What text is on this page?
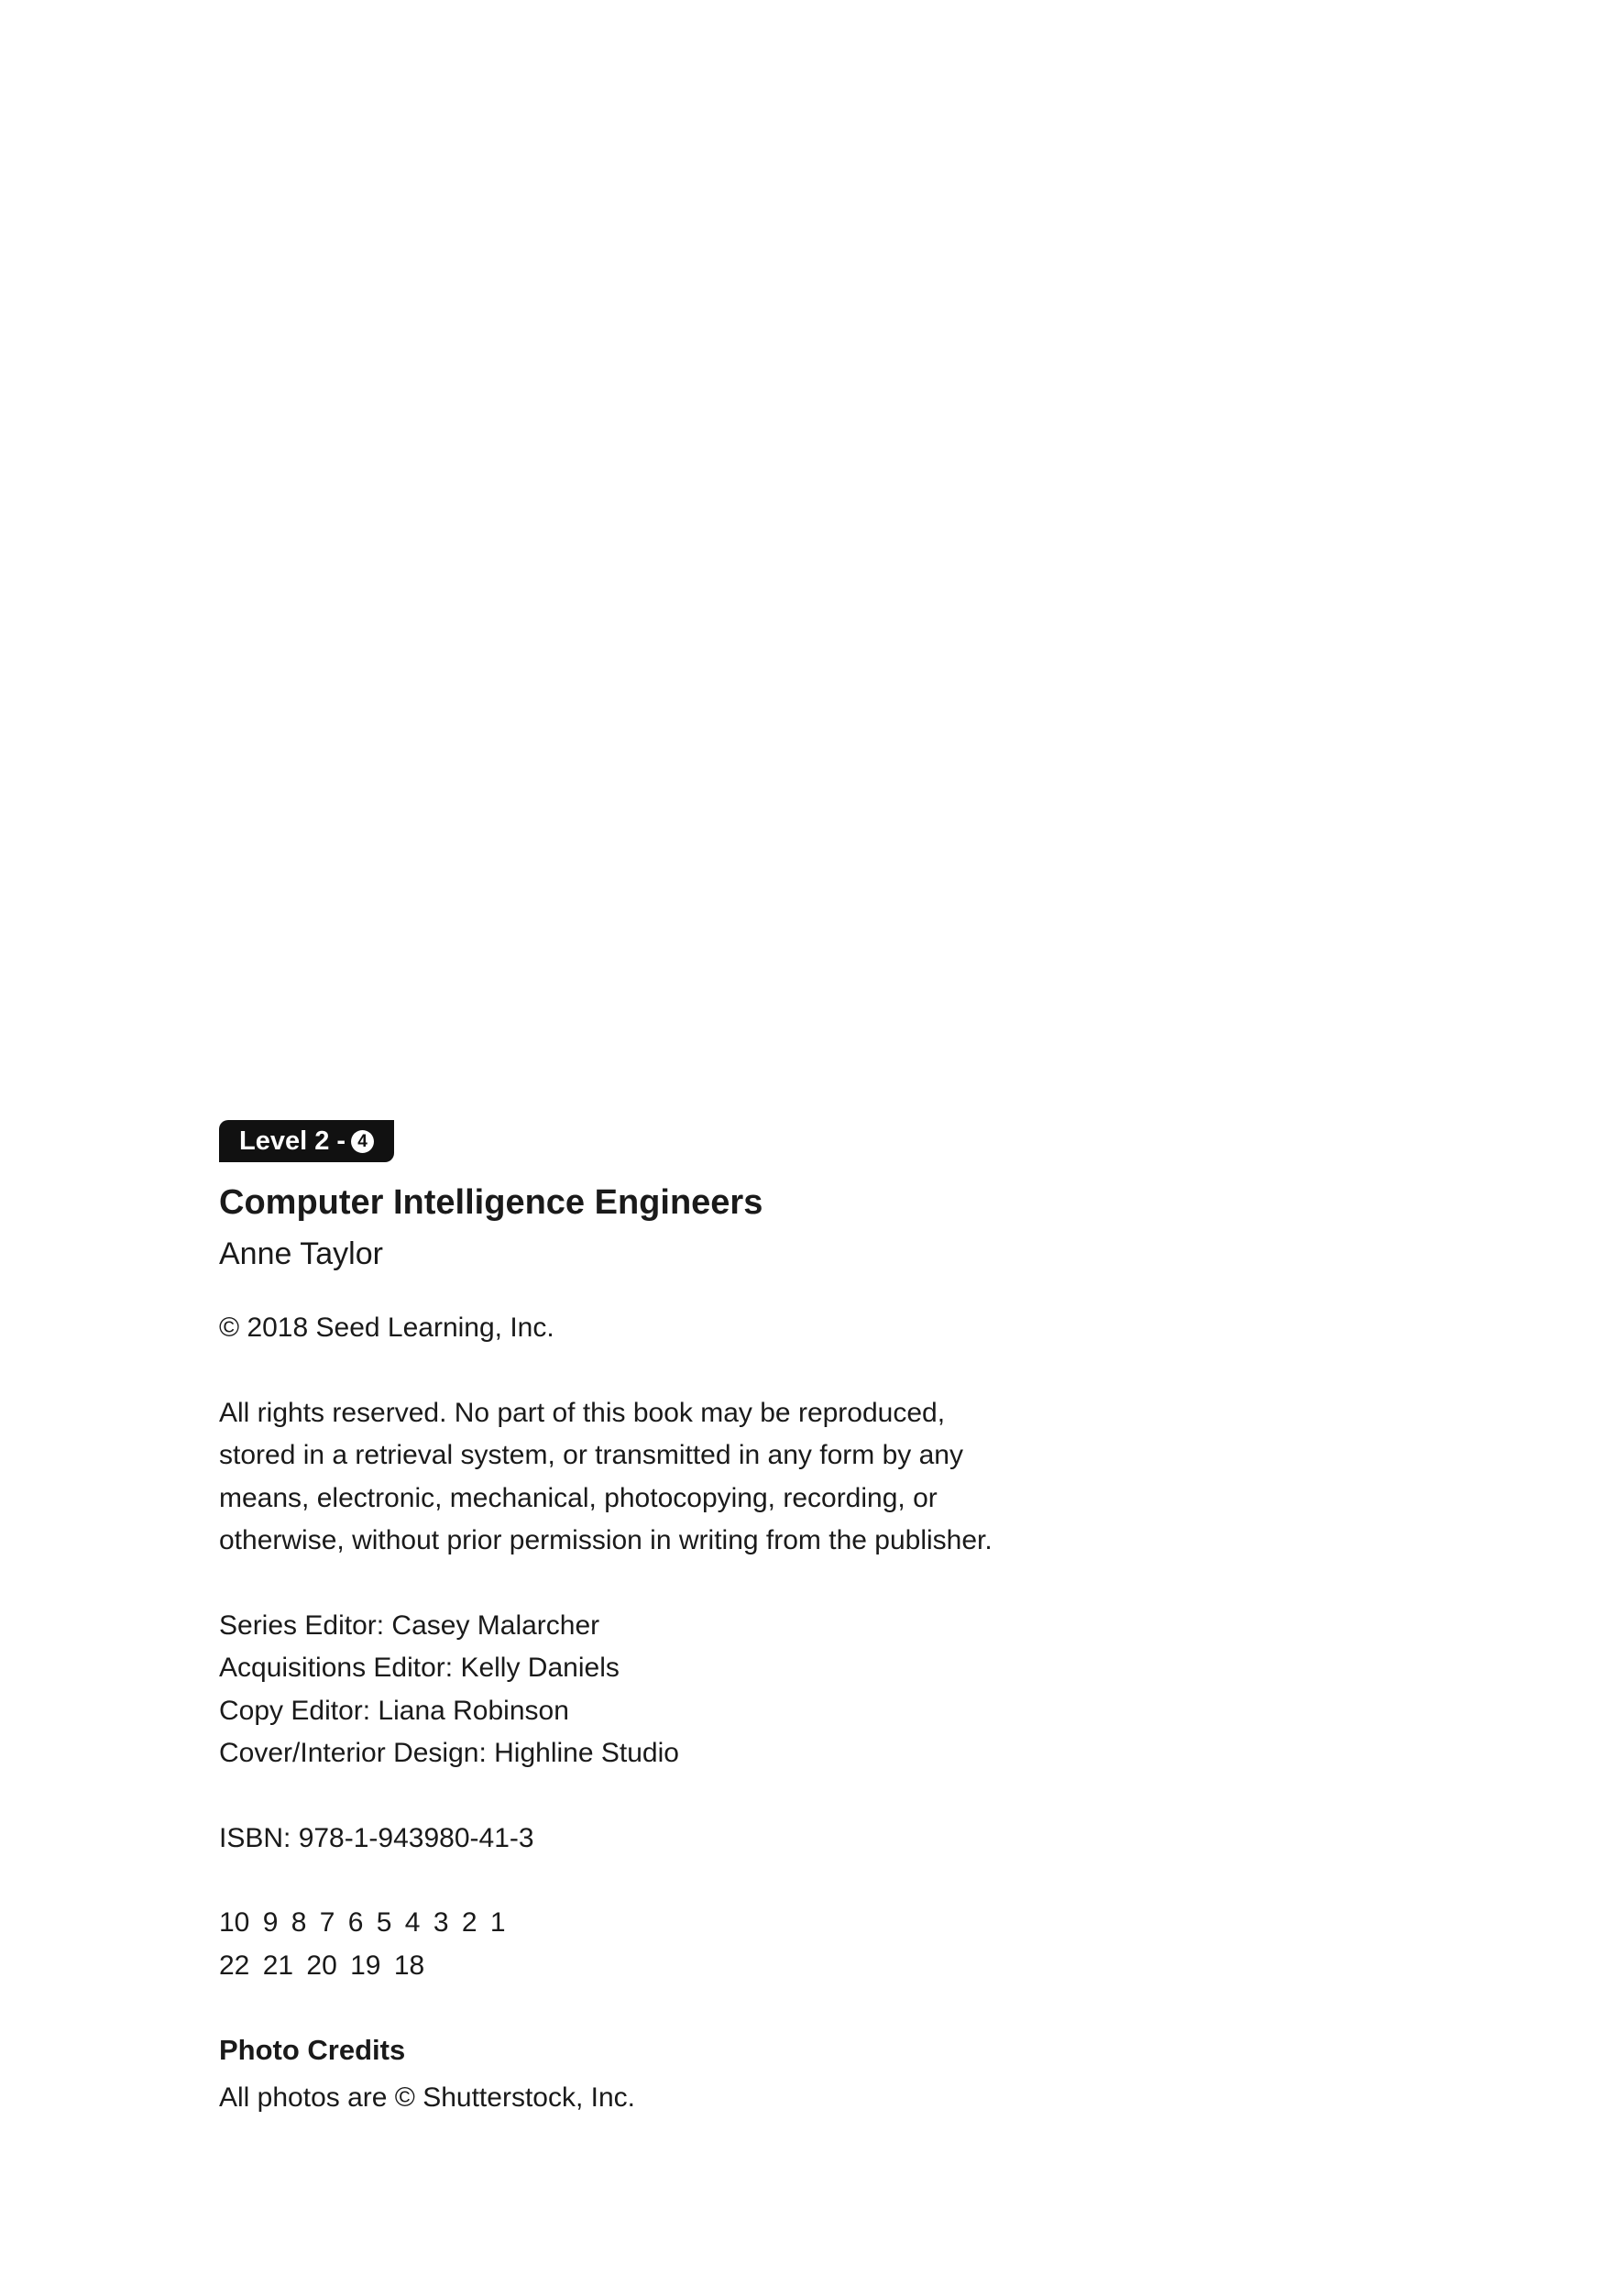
Level 2 - 4
Computer Intelligence Engineers
Anne Taylor

© 2018 Seed Learning, Inc.

All rights reserved. No part of this book may be reproduced,
stored in a retrieval system, or transmitted in any form by any
means, electronic, mechanical, photocopying, recording, or
otherwise, without prior permission in writing from the publisher.

Series Editor: Casey Malarcher
Acquisitions Editor: Kelly Daniels
Copy Editor: Liana Robinson
Cover/Interior Design: Highline Studio

ISBN: 978-1-943980-41-3

10 9 8 7 6 5 4 3 2 1
22 21 20 19 18

Photo Credits
All photos are © Shutterstock, Inc.
